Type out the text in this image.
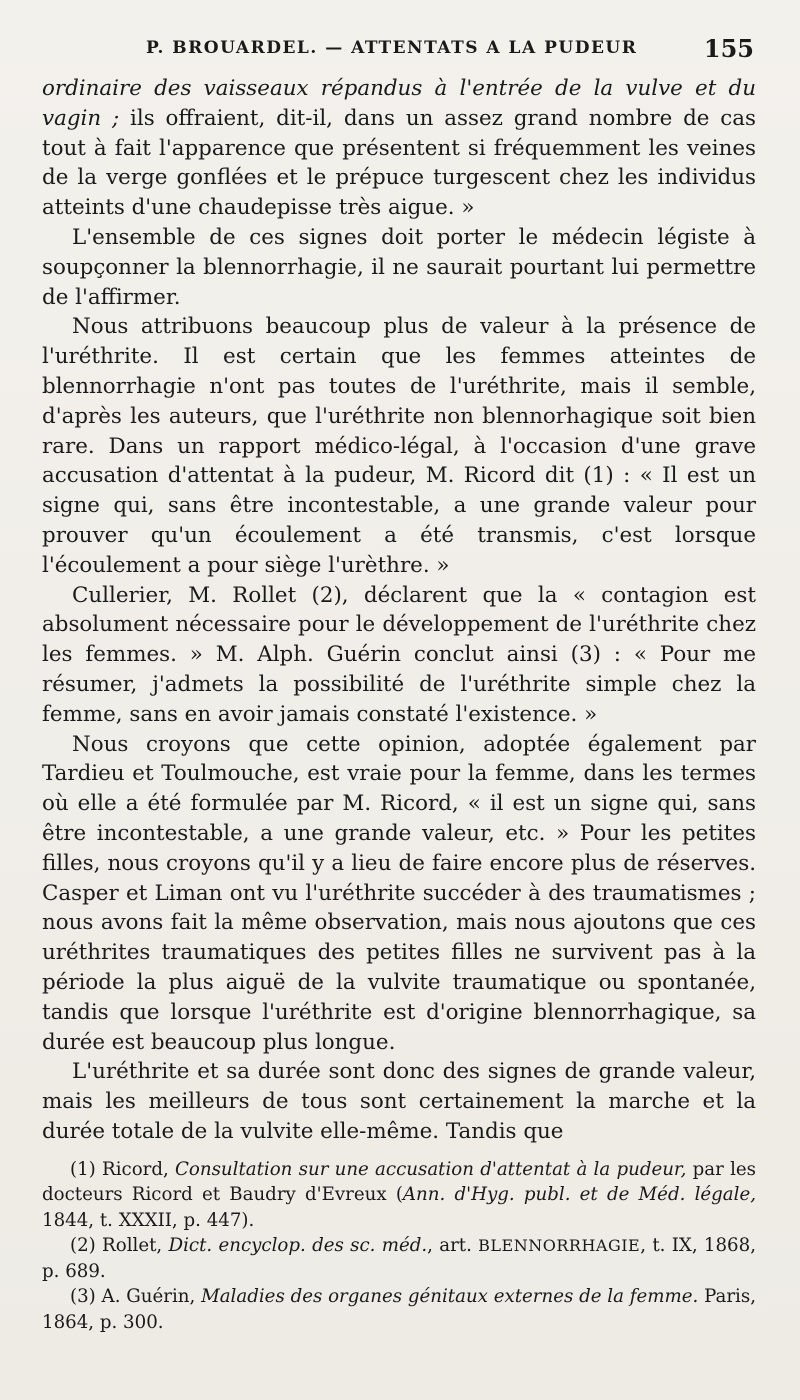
P. BROUARDEL. — ATTENTATS A LA PUDEUR	155

ordinaire des vaisseaux répandus à l'entrée de la vulve et du vagin ; ils offraient, dit-il, dans un assez grand nombre de cas tout à fait l'apparence que présentent si fréquemment les veines de la verge gonflées et le prépuce turgescent chez les individus atteints d'une chaudepisse très aigue. »

L'ensemble de ces signes doit porter le médecin légiste à soupçonner la blennorrhagie, il ne saurait pourtant lui permettre de l'affirmer.

Nous attribuons beaucoup plus de valeur à la présence de l'uréthrite. Il est certain que les femmes atteintes de blennorrhagie n'ont pas toutes de l'uréthrite, mais il semble, d'après les auteurs, que l'uréthrite non blennorhagique soit bien rare. Dans un rapport médico-légal, à l'occasion d'une grave accusation d'attentat à la pudeur, M. Ricord dit (1) : « Il est un signe qui, sans être incontestable, a une grande valeur pour prouver qu'un écoulement a été transmis, c'est lorsque l'écoulement a pour siège l'urèthre. »

Cullerier, M. Rollet (2), déclarent que la « contagion est absolument nécessaire pour le développement de l'uréthrite chez les femmes. » M. Alph. Guérin conclut ainsi (3) : « Pour me résumer, j'admets la possibilité de l'uréthrite simple chez la femme, sans en avoir jamais constaté l'existence. »

Nous croyons que cette opinion, adoptée également par Tardieu et Toulmouche, est vraie pour la femme, dans les termes où elle a été formulée par M. Ricord, « il est un signe qui, sans être incontestable, a une grande valeur, etc. » Pour les petites filles, nous croyons qu'il y a lieu de faire encore plus de réserves. Casper et Liman ont vu l'uréthrite succéder à des traumatismes ; nous avons fait la même observation, mais nous ajoutons que ces uréthrites traumatiques des petites filles ne survivent pas à la période la plus aiguë de la vulvite traumatique ou spontanée, tandis que lorsque l'uréthrite est d'origine blennorrhagique, sa durée est beaucoup plus longue.

L'uréthrite et sa durée sont donc des signes de grande valeur, mais les meilleurs de tous sont certainement la marche et la durée totale de la vulvite elle-même. Tandis que

(1) Ricord, Consultation sur une accusation d'attentat à la pudeur, par les docteurs Ricord et Baudry d'Evreux (Ann. d'Hyg. publ. et de Méd. légale, 1844, t. XXXII, p. 447).

(2) Rollet, Dict. encyclop. des sc. méd., art. BLENNORRHAGIE, t. IX, 1868, p. 689.

(3) A. Guérin, Maladies des organes génitaux externes de la femme. Paris, 1864, p. 300.
